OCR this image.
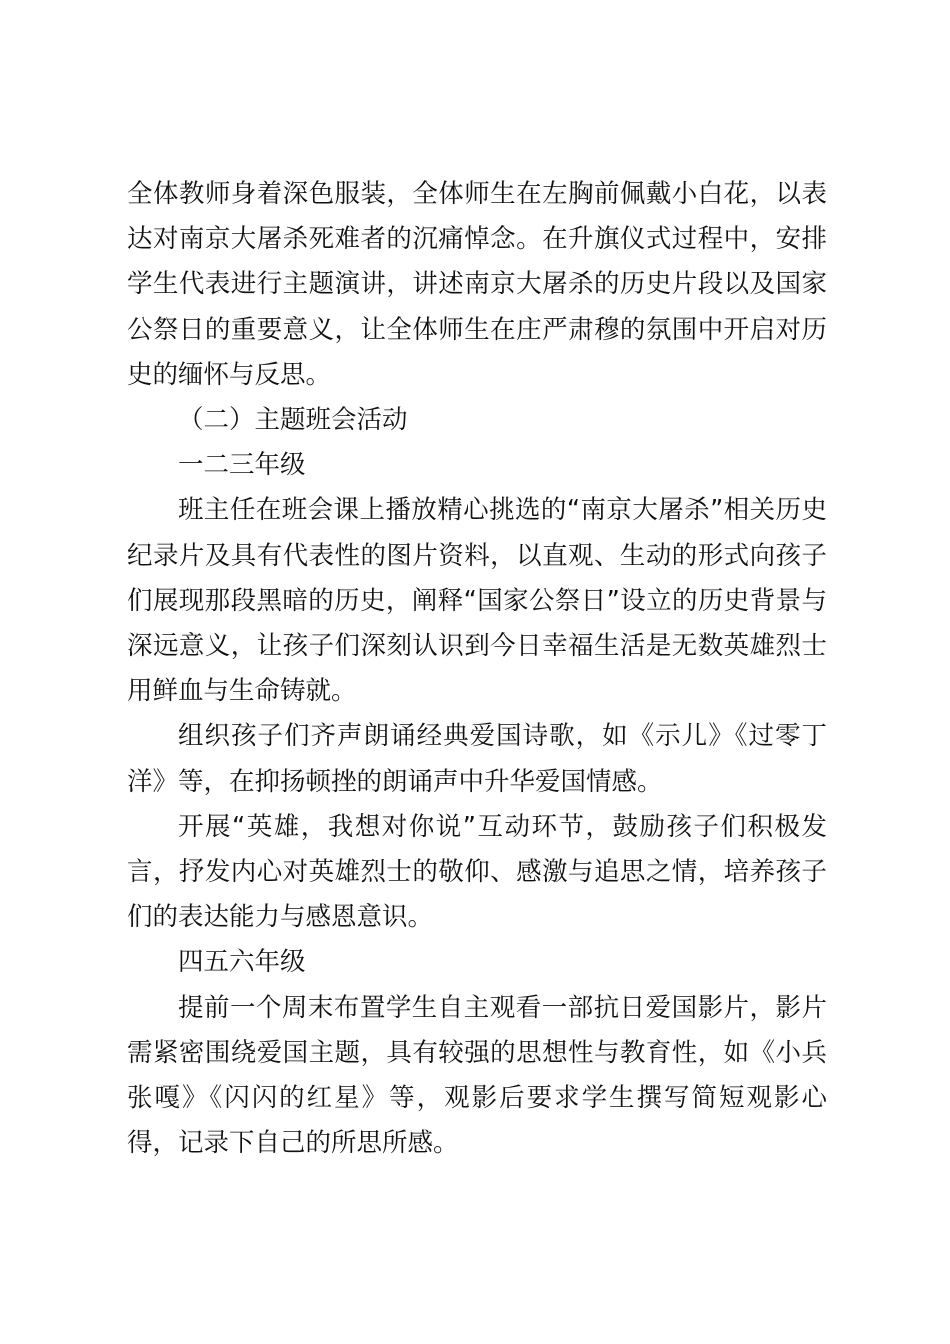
全体教师身着深色服装，全体师生在左胸前佩戴小白花，以表达对南京大屠杀死难者的沉痛悼念。在升旗仪式过程中，安排学生代表进行主题演讲，讲述南京大屠杀的历史片段以及国家公祭日的重要意义，让全体师生在庄严肃穆的氛围中开启对历史的缅怀与反思。

（二）主题班会活动

一二三年级

班主任在班会课上播放精心挑选的“南京大屠杀”相关历史纪录片及具有代表性的图片资料，以直观、生动的形式向孩子们展现那段黑暗的历史，阐释“国家公祭日”设立的历史背景与深远意义，让孩子们深刻认识到今日幸福生活是无数英雄烈士用鲜血与生命铸就。

组织孩子们齐声朗诵经典爱国诗歌，如《示儿》《过零丁洋》等，在抑扬顿挫的朗诵声中升华爱国情感。

开展“英雄，我想对你说”互动环节，鼓励孩子们积极发言，抒发内心对英雄烈士的敬仰、感激与追思之情，培养孩子们的表达能力与感恩意识。

四五六年级

提前一个周末布置学生自主观看一部抗日爱国影片，影片需紧密围绕爱国主题，具有较强的思想性与教育性，如《小兵张嘎》《闪闪的红星》等，观影后要求学生撰写简短观影心得，记录下自己的所思所感。
